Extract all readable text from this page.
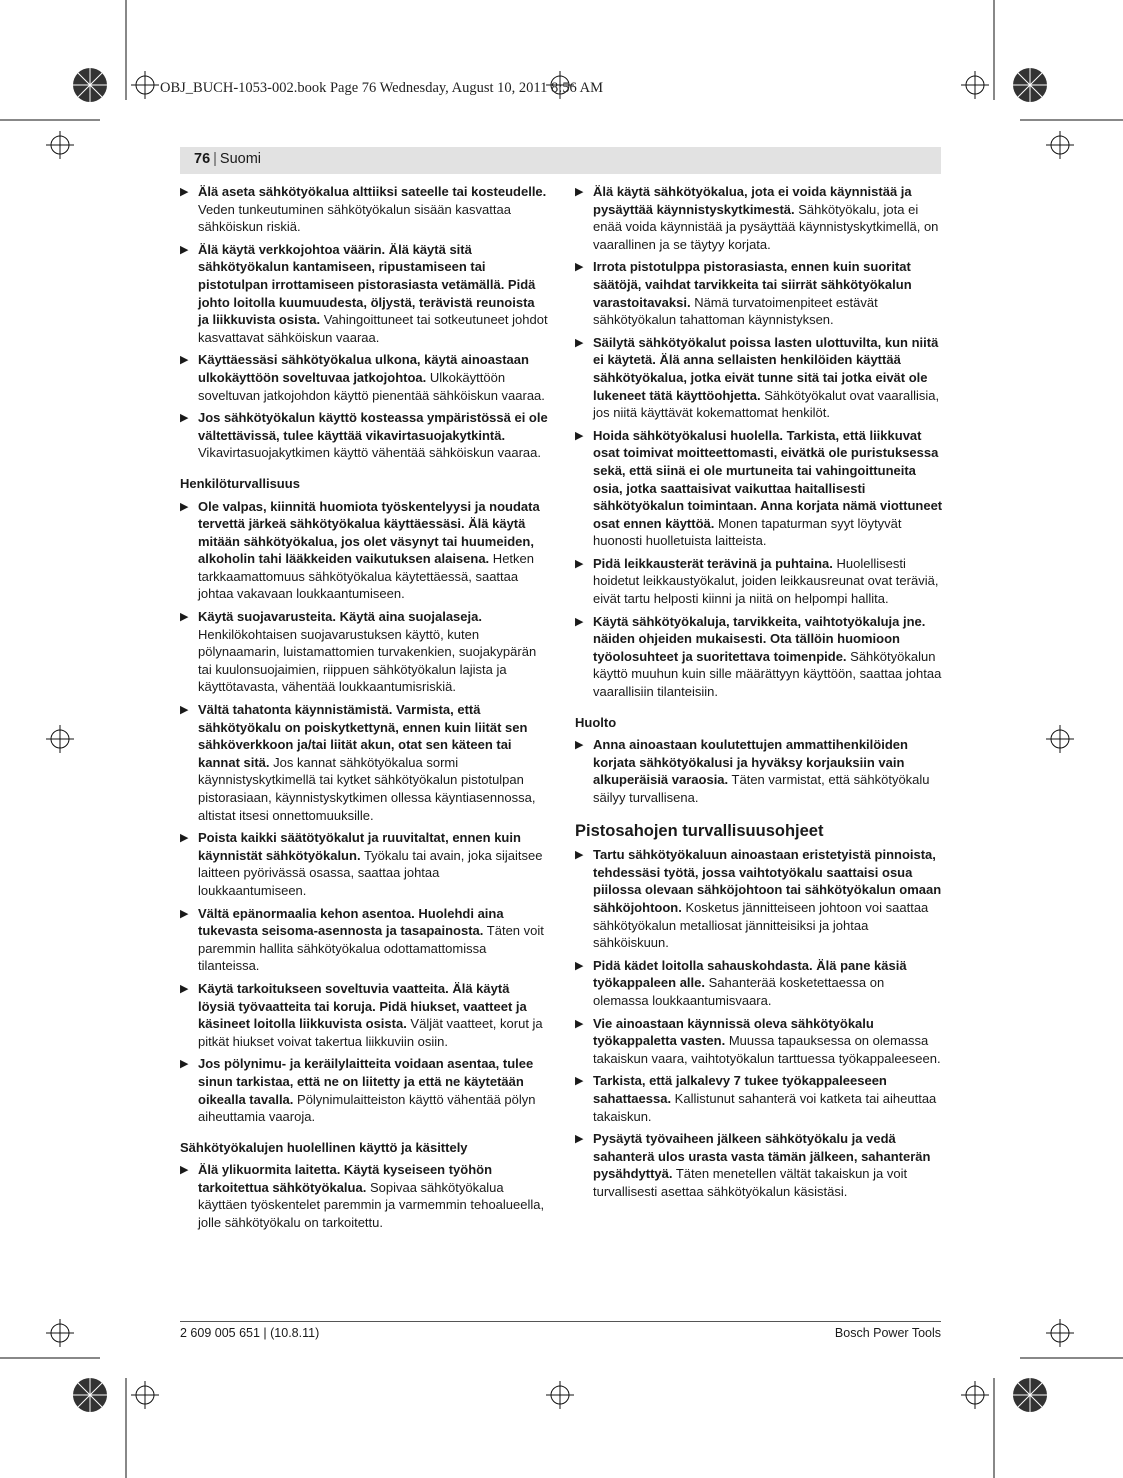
OBJ_BUCH-1053-002.book Page 76 Wednesday, August 10, 2011 8:56 AM
76 | Suomi
▶ Älä aseta sähkötyökalua alttiiksi sateelle tai kosteudelle. Veden tunkeutuminen sähkötyökalun sisään kasvattaa sähköiskun riskiä.
▶ Älä käytä verkkojohtoa väärin. Älä käytä sitä sähkötyökalun kantamiseen, ripustamiseen tai pistotulpan irrottamiseen pistorasiasta vetämällä. Pidä johto loitolla kuumuudesta, öljystä, terävistä reunoista ja liikkuvista osista. Vahingoittuneet tai sotkeutuneet johdot kasvattavat sähköiskun vaaraa.
▶ Käyttäessäsi sähkötyökalua ulkona, käytä ainoastaan ulkokäyttöön soveltuvaa jatkojohtoa. Ulkokäyttöön soveltuvan jatkojohdon käyttö pienentää sähköiskun vaaraa.
▶ Jos sähkötyökalun käyttö kosteassa ympäristössä ei ole vältettävissä, tulee käyttää vikavirtasuojakytkintä. Vikavirtasuojakytkimen käyttö vähentää sähköiskun vaaraa.
Henkilöturvallisuus
▶ Ole valpas, kiinnitä huomiota työskentelyysi ja noudata tervettä järkeä sähkötyökalua käyttäessäsi. Älä käytä mitään sähkötyökalua, jos olet väsynyt tai huumeiden, alkoholin tahi lääkkeiden vaikutuksen alaisena. Hetken tarkkaamattomuus sähkötyökalua käytettäessä, saattaa johtaa vakavaan loukkaantumiseen.
▶ Käytä suojavarusteita. Käytä aina suojalaseja. Henkilökohtaisen suojavarustuksen käyttö, kuten pölynaamarin, luistamattomien turvakenkien, suojakypärän tai kuulonsuojaimien, riippuen sähkötyökalun lajista ja käyttötavasta, vähentää loukkaantumisriskiä.
▶ Vältä tahatonta käynnistämistä. Varmista, että sähkötyökalu on poiskytkettynä, ennen kuin liität sen sähköverkkoon ja/tai liität akun, otat sen käteen tai kannat sitä. Jos kannat sähkötyökalua sormi käynnistyskytkimellä tai kytket sähkötyökalun pistotulpan pistorasiaan, käynnistyskytkimen ollessa käyntiasennossa, altistat itsesi onnettomuuksille.
▶ Poista kaikki säätötyökalut ja ruuvitaltat, ennen kuin käynnistät sähkötyökalun. Työkalu tai avain, joka sijaitsee laitteen pyörivässä osassa, saattaa johtaa loukkaantumiseen.
▶ Vältä epänormaalia kehon asentoa. Huolehdi aina tukevasta seisoma-asennosta ja tasapainosta. Täten voit paremmin hallita sähkötyökalua odottamattomissa tilanteissa.
▶ Käytä tarkoitukseen soveltuvia vaatteita. Älä käytä löysiä työvaatteita tai koruja. Pidä hiukset, vaatteet ja käsineet loitolla liikkuvista osista. Väljät vaatteet, korut ja pitkät hiukset voivat takertua liikkuviin osiin.
▶ Jos pölynimu- ja keräilylaitteita voidaan asentaa, tulee sinun tarkistaa, että ne on liitetty ja että ne käytetään oikealla tavalla. Pölynimulaitteiston käyttö vähentää pölyn aiheuttamia vaaroja.
Sähkötyökalujen huolellinen käyttö ja käsittely
▶ Älä ylikuormita laitetta. Käytä kyseiseen työhön tarkoitettua sähkötyökalua. Sopivaa sähkötyökalua käyttäen työskentelet paremmin ja varmemmin tehoalueella, jolle sähkötyökalu on tarkoitettu.
▶ Älä käytä sähkötyökalua, jota ei voida käynnistää ja pysäyttää käynnistyskytkimestä. Sähkötyökalu, jota ei enää voida käynnistää ja pysäyttää käynnistyskytkimellä, on vaarallinen ja se täytyy korjata.
▶ Irrota pistotulppa pistorasiasta, ennen kuin suoritat säätöjä, vaihdat tarvikkeita tai siirrät sähkötyökalun varastoitavaksi. Nämä turvatoimenpiteet estävät sähkötyökalun tahattoman käynnistyksen.
▶ Säilytä sähkötyökalut poissa lasten ulottuvilta, kun niitä ei käytetä. Älä anna sellaisten henkilöiden käyttää sähkötyökalua, jotka eivät tunne sitä tai jotka eivät ole lukeneet tätä käyttöohjetta. Sähkötyökalut ovat vaarallisia, jos niitä käyttävät kokemattomat henkilöt.
▶ Hoida sähkötyökalusi huolella. Tarkista, että liikkuvat osat toimivat moitteettomasti, eivätkä ole puristuksessa sekä, että siinä ei ole murtuneita tai vahingoittuneita osia, jotka saattaisivat vaikuttaa haitallisesti sähkötyökalun toimintaan. Anna korjata nämä viottuneet osat ennen käyttöä. Monen tapaturman syyt löytyvät huonosti huolletuista laitteista.
▶ Pidä leikkausterät terävinä ja puhtaina. Huolellisesti hoidetut leikkaustyökalut, joiden leikkausreunat ovat teräviä, eivät tartu helposti kiinni ja niitä on helpompi hallita.
▶ Käytä sähkötyökaluja, tarvikkeita, vaihtotyökaluja jne. näiden ohjeiden mukaisesti. Ota tällöin huomioon työolosuhteet ja suoritettava toimenpide. Sähkötyökalun käyttö muuhun kuin sille määrättyyn käyttöön, saattaa johtaa vaarallisiin tilanteisiin.
Huolto
▶ Anna ainoastaan koulutettujen ammattihenkilöiden korjata sähkötyökalusi ja hyväksy korjauksiin vain alkuperäisiä varaosia. Täten varmistat, että sähkötyökalu säilyy turvallisena.
Pistosahojen turvallisuusohjeet
▶ Tartu sähkötyökaluun ainoastaan eristetyistä pinnoista, tehdessäsi työtä, jossa vaihtotyökalu saattaisi osua piilossa olevaan sähköjohtoon tai sähkötyökalun omaan sähköjohtoon. Kosketus jännitteiseen johtoon voi saattaa sähkötyökalun metalliosat jännitteisiksi ja johtaa sähköiskuun.
▶ Pidä kädet loitolla sahauskohdasta. Älä pane käsiä työkappaleen alle. Sahanterää kosketettaessa on olemassa loukkaantumisvaara.
▶ Vie ainoastaan käynnissä oleva sähkötyökalu työkappaletta vasten. Muussa tapauksessa on olemassa takaiskun vaara, vaihtotyökalun tarttuessa työkappaleeseen.
▶ Tarkista, että jalkalevy 7 tukee työkappaleeseen sahattaessa. Kallistunut sahanterä voi katketa tai aiheuttaa takaiskun.
▶ Pysäytä työvaiheen jälkeen sähkötyökalu ja vedä sahanterä ulos urasta vasta tämän jälkeen, sahanterän pysähdyttyä. Täten menetellen vältät takaiskun ja voit turvallisesti asettaa sähkötyökalun käsistäsi.
2 609 005 651 | (10.8.11)	Bosch Power Tools
